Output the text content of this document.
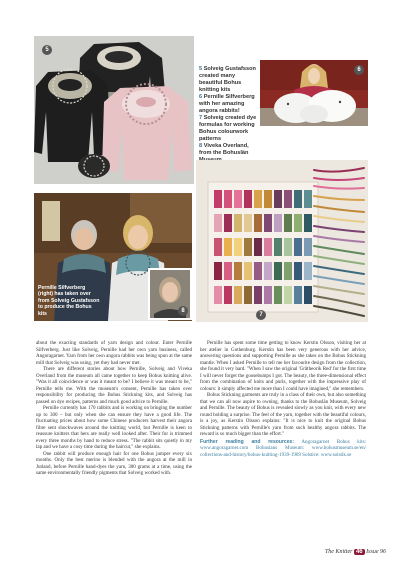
5
5 Solveig Gustafsson created many beautiful Bohus knitting kits
6 Pernille Silfverberg with her amazing angora rabbits!
7 Solveig created dye formulas for working Bohus colourwork patterns
8 Viveka Overland, from the Bohuslän
6
Pernille Silfverberg (right) has taken over from Solveig Gustafsson to produce the Bohus kits	8
7

about the exacting standards of yarn design and colour. Enter Pernille Silfverberg. Just like Solveig, Pernille had her own yarn business, called Angoragarnet. Yarn from her own angora rabbits was being spun at the same mill that Solveig was using, yet they had never met.

There are different stories about how Pernille, Solveig and Viveka Overland from the museum all came together to keep Bohus knitting alive. "Was it all coincidence or was it meant to be? I believe it was meant to be," Pernille tells me. With the museum's consent, Pernille has taken over responsibility for producing the Bohus Stickning kits, and Solveig has passed on dye recipes, patterns and much good advice to Pernille.

Pernille currently has 170 rabbits and is working on bringing the number up to 300 – but only when she can ensure they have a good life. The fluctuating prices about how some Chinese producers harvest their angora fibre sent shockwaves around the knitting world, but Pernille is keen to reassure knitters that hers are really well looked after. Their fur is trimmed every three months by hand to reduce stress. "The rabbit sits quietly in my lap and we have a cosy time during the haircut," she explains.

One rabbit will produce enough hair for one Bohus jumper every six months. Only the best merino is blended with the angora at the mill in Jutland, before Pernille hand-dyes the yarn, 300 grams at a time, using the same environmentally friendly pigments that Solveig worked with.

Pernille has spent some time getting to know Kerstin Olsson, visiting her at her atelier in Gothenburg. Kerstin has been very generous with her advice, answering questions and supporting Pernille as she takes on the Bohus Stickning mantle. When I asked Pernille to tell me her favourite design from the collection, she found it very hard. "When I saw the original 'Gråtheorik Red' for the first time I will never forget the goosebumps I got. The beauty, the three-dimensional effect from the combination of knits and purls, together with the impressive play of colours: it simply affected me more than I could have imagined," she remembers.

Bohus Stickning garments are truly in a class of their own, but also something that we can all now aspire to owning, thanks to the Bohuslän Museum, Solveig and Pernille. The beauty of Bohus is revealed slowly as you knit, with every new round holding a surprise. The feel of the yarn, together with the beautiful colours, is a joy, as Kerstin Olsson explains: "It is nice to knit the original Bohus Stickning patterns with Pernille's yarn from such healthy angora rabbits. The reward is so much bigger than the effort."

Further reading and resources: Angoragarnet Bohus kits: www.angoragarnet.com Bohuslans Museum: www.bohusmuseum.se/en/ collections-and-history/bohus-knitting-1939-1969 Solstice: www.solstik.se

The Knitter 46 Issue 96
